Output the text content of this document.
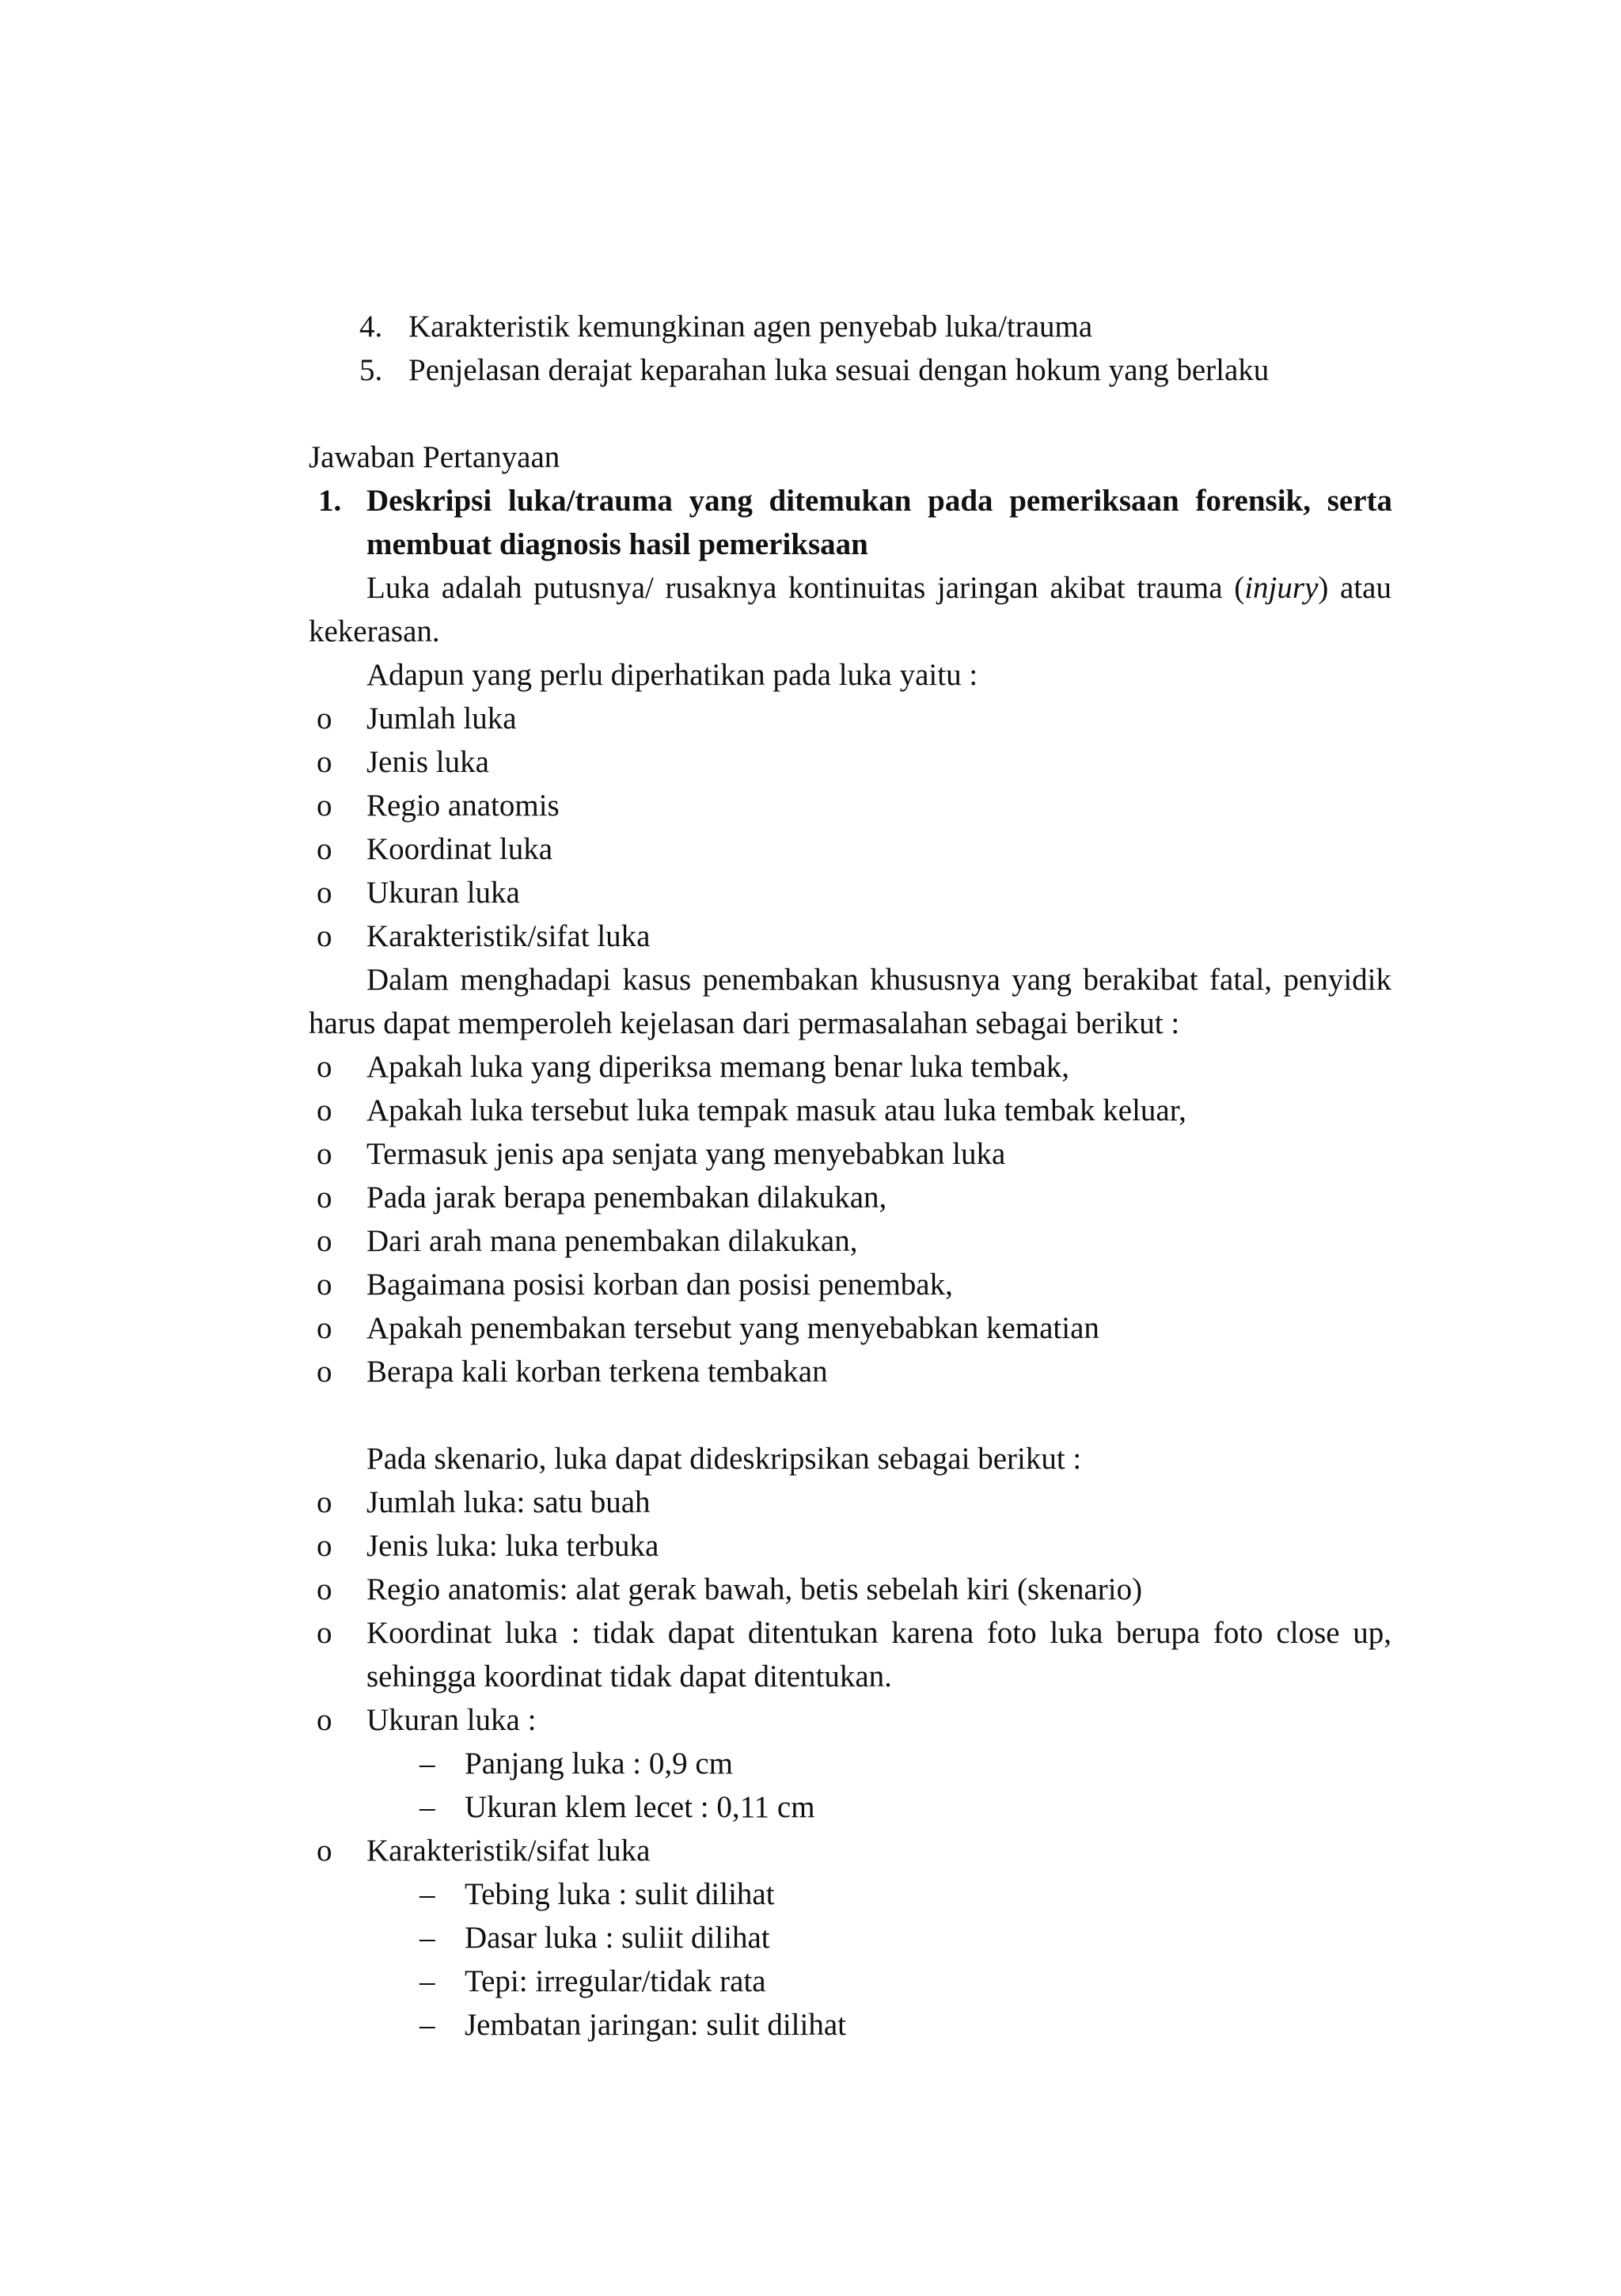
4. Karakteristik kemungkinan agen penyebab luka/trauma
5. Penjelasan derajat keparahan luka sesuai dengan hokum yang berlaku
Jawaban Pertanyaan
1. Deskripsi luka/trauma yang ditemukan pada pemeriksaan forensik, serta membuat diagnosis hasil pemeriksaan
Luka adalah putusnya/ rusaknya kontinuitas jaringan akibat trauma (injury) atau kekerasan.
Adapun yang perlu diperhatikan pada luka yaitu :
o Jumlah luka
o Jenis luka
o Regio anatomis
o Koordinat luka
o Ukuran luka
o Karakteristik/sifat luka
Dalam menghadapi kasus penembakan khususnya yang berakibat fatal, penyidik harus dapat memperoleh kejelasan dari permasalahan sebagai berikut :
o Apakah luka yang diperiksa memang benar luka tembak,
o Apakah luka tersebut luka tempak masuk atau luka tembak keluar,
o Termasuk jenis apa senjata yang menyebabkan luka
o Pada jarak berapa penembakan dilakukan,
o Dari arah mana penembakan dilakukan,
o Bagaimana posisi korban dan posisi penembak,
o Apakah penembakan tersebut yang menyebabkan kematian
o Berapa kali korban terkena tembakan
Pada skenario, luka dapat dideskripsikan sebagai berikut :
o Jumlah luka: satu buah
o Jenis luka: luka terbuka
o Regio anatomis: alat gerak bawah, betis sebelah kiri (skenario)
o Koordinat luka : tidak dapat ditentukan karena foto luka berupa foto close up, sehingga koordinat tidak dapat ditentukan.
o Ukuran luka :
– Panjang luka : 0,9 cm
– Ukuran klem lecet : 0,11 cm
o Karakteristik/sifat luka
– Tebing luka : sulit dilihat
– Dasar luka : suliit dilihat
– Tepi: irregular/tidak rata
– Jembatan jaringan: sulit dilihat
